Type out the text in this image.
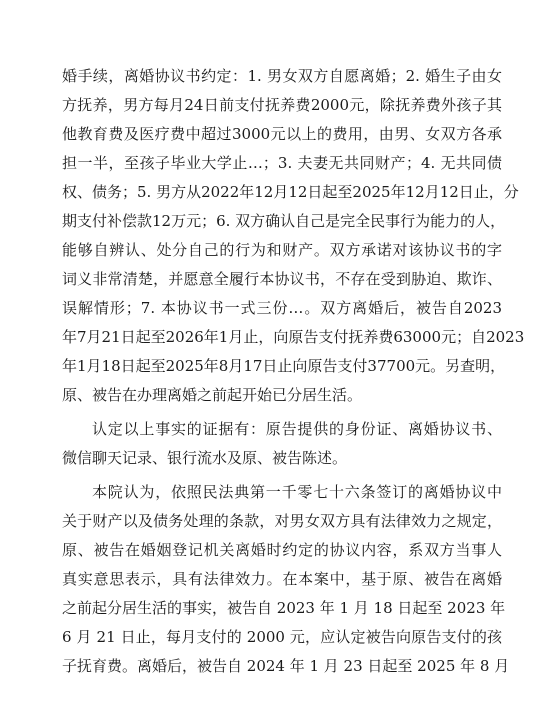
婚手续，离婚协议书约定：1. 男女双方自愿离婚；2. 婚生子由女
方抚养，男方每月24日前支付抚养费2000元，除抚养费外孩子其
他教育费及医疗费中超过3000元以上的费用，由男、女双方各承
担一半，至孩子毕业大学止…；3. 夫妻无共同财产；4. 无共同债
权、债务；5. 男方从2022年12月12日起至2025年12月12日止，分
期支付补偿款12万元；6. 双方确认自己是完全民事行为能力的人，
能够自辨认、处分自己的行为和财产。双方承诺对该协议书的字
词义非常清楚，并愿意全履行本协议书，不存在受到胁迫、欺诈、
误解情形；7. 本协议书一式三份…。双方离婚后，被告自2023
年7月21日起至2026年1月止，向原告支付抚养费63000元；自2023
年1月18日起至2025年8月17日止向原告支付37700元。另查明，
原、被告在办理离婚之前起开始已分居生活。
认定以上事实的证据有：原告提供的身份证、离婚协议书、
微信聊天记录、银行流水及原、被告陈述。
本院认为，依照民法典第一千零七十六条签订的离婚协议中
关于财产以及债务处理的条款，对男女双方具有法律效力之规定，
原、被告在婚姻登记机关离婚时约定的协议内容，系双方当事人
真实意思表示，具有法律效力。在本案中，基于原、被告在离婚
之前起分居生活的事实，被告自 2023 年 1 月 18 日起至 2023 年
6 月 21 日止，每月支付的 2000 元，应认定被告向原告支付的孩
子抚育费。离婚后，被告自 2024 年 1 月 23 日起至 2025 年 8 月
